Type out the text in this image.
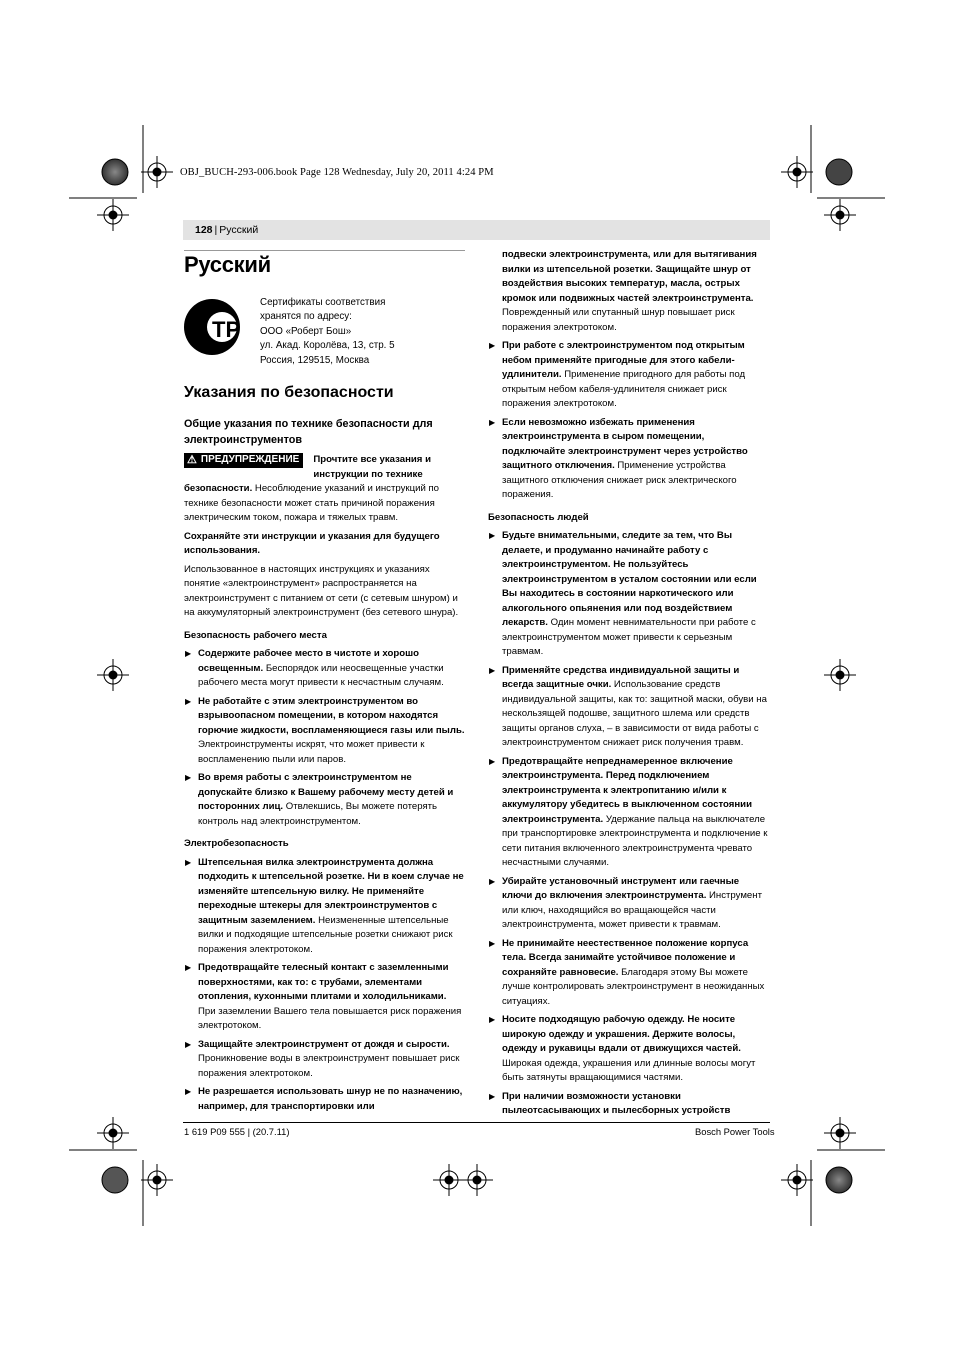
OBJ_BUCH-293-006.book Page 128 Wednesday, July 20, 2011 4:24 PM
128 | Русский
Русский
ТР
Сертификаты соответствия
хранятся по адресу:
ООО «Роберт Бош»
ул. Акад. Королёва, 13, стр. 5
Россия, 129515, Москва
Указания по безопасности
Общие указания по технике безопасности для электроинструментов

⚠ ПРЕДУПРЕЖДЕНИЕ Прочтите все указания и инструкции по технике безопасности. Несоблюдение указаний и инструкций по технике безопасности может стать причиной поражения электрическим током, пожара и тяжелых травм.

Сохраняйте эти инструкции и указания для будущего использования.

Использованное в настоящих инструкциях и указаниях понятие «электроинструмент» распространяется на электроинструмент с питанием от сети (с сетевым шнуром) и на аккумуляторный электроинструмент (без сетевого шнура).

Безопасность рабочего места

▶ Содержите рабочее место в чистоте и хорошо освещенным. Беспорядок или неосвещенные участки рабочего места могут привести к несчастным случаям.

▶ Не работайте с этим электроинструментом во взрывоопасном помещении, в котором находятся горючие жидкости, воспламеняющиеся газы или пыль. Электроинструменты искрят, что может привести к воспламенению пыли или паров.

▶ Во время работы с электроинструментом не допускайте близко к Вашему рабочему месту детей и посторонних лиц. Отвлекшись, Вы можете потерять контроль над электроинструментом.

Электробезопасность

▶ Штепсельная вилка электроинструмента должна подходить к штепсельной розетке. Ни в коем случае не изменяйте штепсельную вилку. Не применяйте переходные штекеры для электроинструментов с защитным заземлением. Неизмененные штепсельные вилки и подходящие штепсельные розетки снижают риск поражения электротоком.

▶ Предотвращайте телесный контакт с заземленными поверхностями, как то: с трубами, элементами отопления, кухонными плитами и холодильниками. При заземлении Вашего тела повышается риск поражения электротоком.

▶ Защищайте электроинструмент от дождя и сырости. Проникновение воды в электроинструмент повышает риск поражения электротоком.

▶ Не разрешается использовать шнур не по назначению, например, для транспортировки или

подвески электроинструмента, или для вытягивания вилки из штепсельной розетки. Защищайте шнур от воздействия высоких температур, масла, острых кромок или подвижных частей электроинструмента. Поврежденный или спутанный шнур повышает риск поражения электротоком.

▶ При работе с электроинструментом под открытым небом применяйте пригодные для этого кабели-удлинители. Применение пригодного для работы под открытым небом кабеля-удлинителя снижает риск поражения электротоком.

▶ Если невозможно избежать применения электроинструмента в сыром помещении, подключайте электроинструмент через устройство защитного отключения. Применение устройства защитного отключения снижает риск электрического поражения.

Безопасность людей

▶ Будьте внимательными, следите за тем, что Вы делаете, и продуманно начинайте работу с электроинструментом. Не пользуйтесь электроинструментом в усталом состоянии или если Вы находитесь в состоянии наркотического или алкогольного опьянения или под воздействием лекарств. Один момент невнимательности при работе с электроинструментом может привести к серьезным травмам.

▶ Применяйте средства индивидуальной защиты и всегда защитные очки. Использование средств индивидуальной защиты, как то: защитной маски, обуви на нескользящей подошве, защитного шлема или средств защиты органов слуха, – в зависимости от вида работы с электроинструментом снижает риск получения травм.

▶ Предотвращайте непреднамеренное включение электроинструмента. Перед подключением электроинструмента к электропитанию и/или к аккумулятору убедитесь в выключенном состоянии электроинструмента. Удержание пальца на выключателе при транспортировке электроинструмента и подключение к сети питания включенного электроинструмента чревато несчастными случаями.

▶ Убирайте установочный инструмент или гаечные ключи до включения электроинструмента. Инструмент или ключ, находящийся во вращающейся части электроинструмента, может привести к травмам.

▶ Не принимайте неестественное положение корпуса тела. Всегда занимайте устойчивое положение и сохраняйте равновесие. Благодаря этому Вы можете лучше контролировать электроинструмент в неожиданных ситуациях.

▶ Носите подходящую рабочую одежду. Не носите широкую одежду и украшения. Держите волосы, одежду и рукавицы вдали от движущихся частей. Широкая одежда, украшения или длинные волосы могут быть затянуты вращающимися частями.

▶ При наличии возможности установки пылеотсасывающих и пылесборных устройств

1 619 P09 555 | (20.7.11)	Bosch Power Tools
